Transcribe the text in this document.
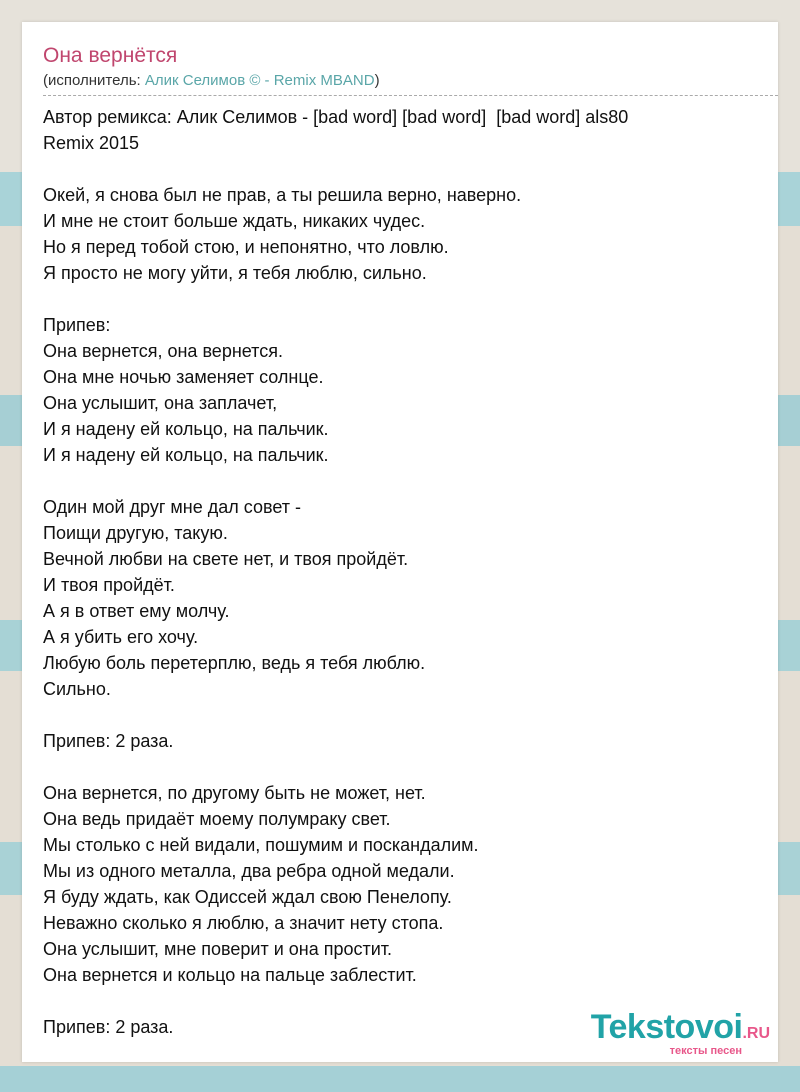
Она вернётся
(исполнитель: Алик Селимов © - Remix MBAND)
Автор ремикса: Алик Селимов - [bad word] [bad word]  [bad word] als80
Remix 2015

Окей, я снова был не прав, а ты решила верно, наверно.
И мне не стоит больше ждать, никаких чудес.
Но я перед тобой стою, и непонятно, что ловлю.
Я просто не могу уйти, я тебя люблю, сильно.

Припев:
Она вернется, она вернется.
Она мне ночью заменяет солнце.
Она услышит, она заплачет,
И я надену ей кольцо, на пальчик.
И я надену ей кольцо, на пальчик.

Один мой друг мне дал совет -
Поищи другую, такую.
Вечной любви на свете нет, и твоя пройдёт.
И твоя пройдёт.
А я в ответ ему молчу.
А я убить его хочу.
Любую боль перетерплю, ведь я тебя люблю.
Сильно.

Припев: 2 раза.

Она вернется, по другому быть не может, нет.
Она ведь придаёт моему полумраку свет.
Мы столько с ней видали, пошумим и поскандалим.
Мы из одного металла, два ребра одной медали.
Я буду ждать, как Одиссей ждал свою Пенелопу.
Неважно сколько я люблю, а значит нету стопа.
Она услышит, мне поверит и она простит.
Она вернется и кольцо на пальце заблестит.

Припев: 2 раза.	Tekstovoi.RU
тексты песен
